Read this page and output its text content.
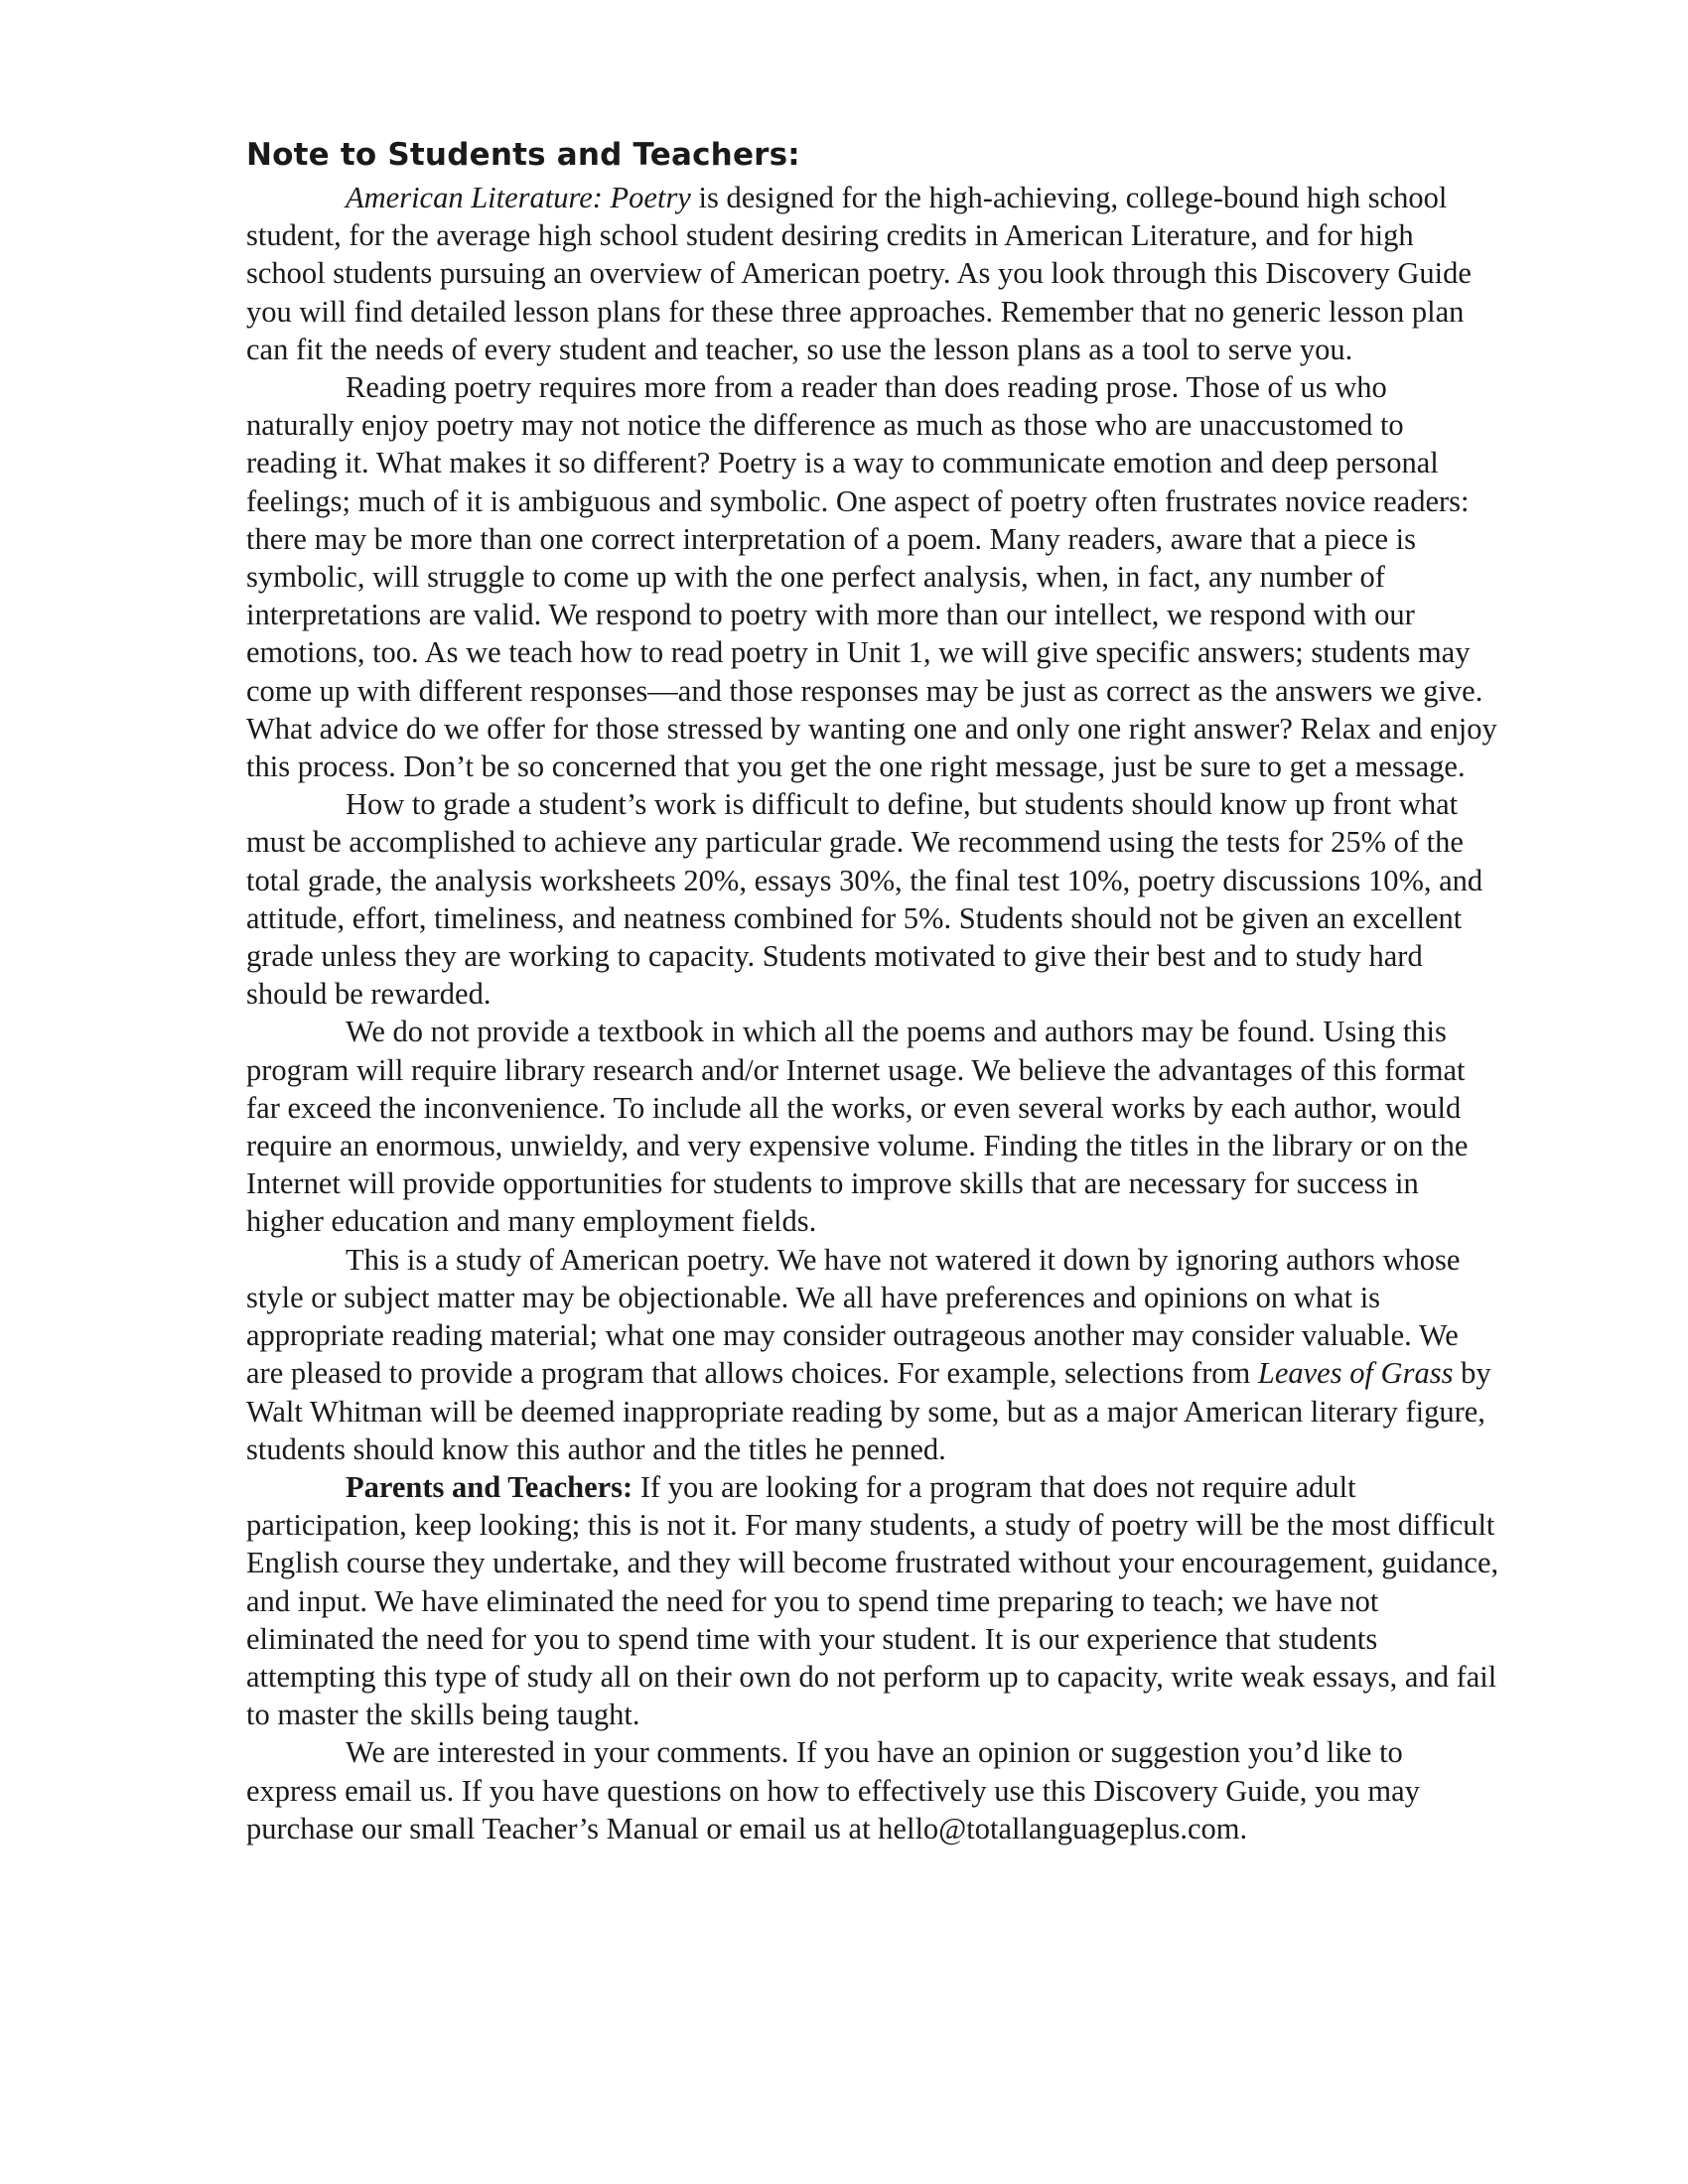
Note to Students and Teachers:

American Literature: Poetry is designed for the high-achieving, college-bound high school student, for the average high school student desiring credits in American Literature, and for high school students pursuing an overview of American poetry. As you look through this Discovery Guide you will find detailed lesson plans for these three approaches. Remember that no generic lesson plan can fit the needs of every student and teacher, so use the lesson plans as a tool to serve you.

Reading poetry requires more from a reader than does reading prose. Those of us who naturally enjoy poetry may not notice the difference as much as those who are unaccustomed to reading it. What makes it so different? Poetry is a way to communicate emotion and deep personal feelings; much of it is ambiguous and symbolic. One aspect of poetry often frustrates novice readers: there may be more than one correct interpretation of a poem. Many readers, aware that a piece is symbolic, will struggle to come up with the one perfect analysis, when, in fact, any number of interpretations are valid. We respond to poetry with more than our intellect, we respond with our emotions, too. As we teach how to read poetry in Unit 1, we will give specific answers; students may come up with different responses—and those responses may be just as correct as the answers we give. What advice do we offer for those stressed by wanting one and only one right answer? Relax and enjoy this process. Don’t be so concerned that you get the one right message, just be sure to get a message.

How to grade a student’s work is difficult to define, but students should know up front what must be accomplished to achieve any particular grade. We recommend using the tests for 25% of the total grade, the analysis worksheets 20%, essays 30%, the final test 10%, poetry discussions 10%, and attitude, effort, timeliness, and neatness combined for 5%. Students should not be given an excellent grade unless they are working to capacity. Students motivated to give their best and to study hard should be rewarded.

We do not provide a textbook in which all the poems and authors may be found. Using this program will require library research and/or Internet usage. We believe the advantages of this format far exceed the inconvenience. To include all the works, or even several works by each author, would require an enormous, unwieldy, and very expensive volume. Finding the titles in the library or on the Internet will provide opportunities for students to improve skills that are necessary for success in higher education and many employment fields.

This is a study of American poetry. We have not watered it down by ignoring authors whose style or subject matter may be objectionable. We all have preferences and opinions on what is appropriate reading material; what one may consider outrageous another may consider valuable. We are pleased to provide a program that allows choices. For example, selections from Leaves of Grass by Walt Whitman will be deemed inappropriate reading by some, but as a major American literary figure, students should know this author and the titles he penned.

Parents and Teachers: If you are looking for a program that does not require adult participation, keep looking; this is not it. For many students, a study of poetry will be the most difficult English course they undertake, and they will become frustrated without your encouragement, guidance, and input. We have eliminated the need for you to spend time preparing to teach; we have not eliminated the need for you to spend time with your student. It is our experience that students attempting this type of study all on their own do not perform up to capacity, write weak essays, and fail to master the skills being taught.

We are interested in your comments. If you have an opinion or suggestion you’d like to express email us. If you have questions on how to effectively use this Discovery Guide, you may purchase our small Teacher’s Manual or email us at hello@totallanguageplus.com.
